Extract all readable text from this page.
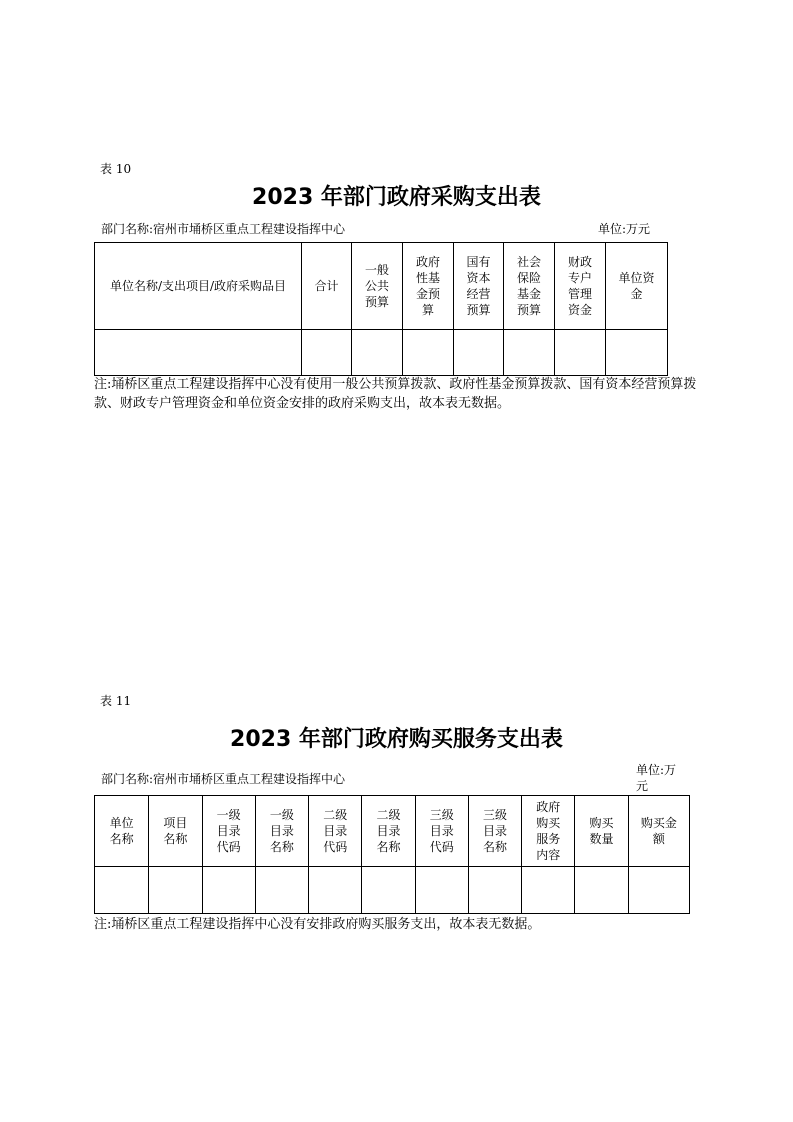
表 10
2023 年部门政府采购支出表
部门名称:宿州市埇桥区重点工程建设指挥中心	单位:万元
单位名称/支出项目/政府采购品目	合计	一般公共预算	政府性基金预算	国有资本经营预算	社会保险基金预算	财政专户管理资金	单位资金

注:埇桥区重点工程建设指挥中心没有使用一般公共预算拨款、政府性基金预算拨款、国有资本经营预算拨款、财政专户管理资金和单位资金安排的政府采购支出，故本表无数据。
表 11
2023 年部门政府购买服务支出表
部门名称:宿州市埇桥区重点工程建设指挥中心
单位:万元
单位名称	项目名称	一级目录代码	一级目录名称	二级目录代码	二级目录名称	三级目录代码	三级目录名称	政府购买服务内容	购买数量	购买金额

注:埇桥区重点工程建设指挥中心没有安排政府购买服务支出，故本表无数据。
